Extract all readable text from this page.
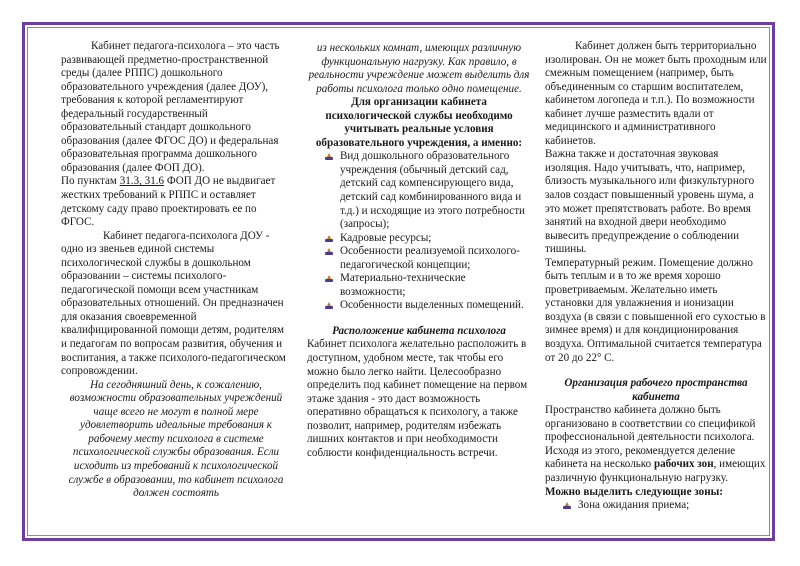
Кабинет педагога-психолога – это часть развивающей предметно-пространственной среды (далее РППС) дошкольного образовательного учреждения (далее ДОУ), требования к которой регламентируют федеральный государственный образовательный стандарт дошкольного образования (далее ФГОС ДО) и федеральная образовательная программа дошкольного образования (далее ФОП ДО).

По пунктам 31.3, 31.6 ФОП ДО не выдвигает жестких требований к РППС и оставляет детскому саду право проектировать ее по ФГОС.

Кабинет педагога-психолога ДОУ - одно из звеньев единой системы психологической службы в дошкольном образовании – системы психолого-педагогической помощи всем участникам образовательных отношений. Он предназначен для оказания своевременной квалифицированной помощи детям, родителям и педагогам по вопросам развития, обучения и воспитания, а также психолого-педагогическом сопровождении.

На сегодняшний день, к сожалению, возможности образовательных учреждений чаще всего не могут в полной мере удовлетворить идеальные требования к рабочему месту психолога в системе психологической службы образования. Если исходить из требований к психологической службе в образовании, то кабинет психолога должен состоять

из нескольких комнат, имеющих различную функциональную нагрузку. Как правило, в реальности учреждение может выделить для работы психолога только одно помещение.

Для организации кабинета психологической службы необходимо учитывать реальные условия образовательного учреждения, а именно:

Вид дошкольного образовательного учреждения (обычный детский сад, детский сад компенсирующего вида, детский сад комбинированного вида и т.д.) и исходящие из этого потребности (запросы);
Кадровые ресурсы;
Особенности реализуемой психолого-педагогической концепции;
Материально-технические возможности;
Особенности выделенных помещений.

Расположение кабинета психолога

Кабинет психолога желательно расположить в доступном, удобном месте, так чтобы его можно было легко найти. Целесообразно определить под кабинет помещение на первом этаже здания - это даст возможность оперативно обращаться к психологу, а также позволит, например, родителям избежать лишних контактов и при необходимости соблюсти конфиденциальность встречи.

Кабинет должен быть территориально изолирован. Он не может быть проходным или смежным помещением (например, быть объединенным со старшим воспитателем, кабинетом логопеда и т.п.). По возможности кабинет лучше разместить вдали от медицинского и административного кабинетов.

Важна также и достаточная звуковая изоляция. Надо учитывать, что, например, близость музыкального или физкультурного залов создаст повышенный уровень шума, а это может препятствовать работе. Во время занятий на входной двери необходимо вывесить предупреждение о соблюдении тишины.

Температурный режим. Помещение должно быть теплым и в то же время хорошо проветриваемым. Желательно иметь установки для увлажнения и ионизации воздуха (в связи с повышенной его сухостью в зимнее время) и для кондиционирования воздуха. Оптимальной считается температура от 20 до 22° С.

Организация рабочего пространства кабинета

Пространство кабинета должно быть организовано в соответствии со спецификой профессиональной деятельности психолога. Исходя из этого, рекомендуется деление кабинета на несколько рабочих зон, имеющих различную функциональную нагрузку.

Можно выделить следующие зоны:

Зона ожидания приема;
